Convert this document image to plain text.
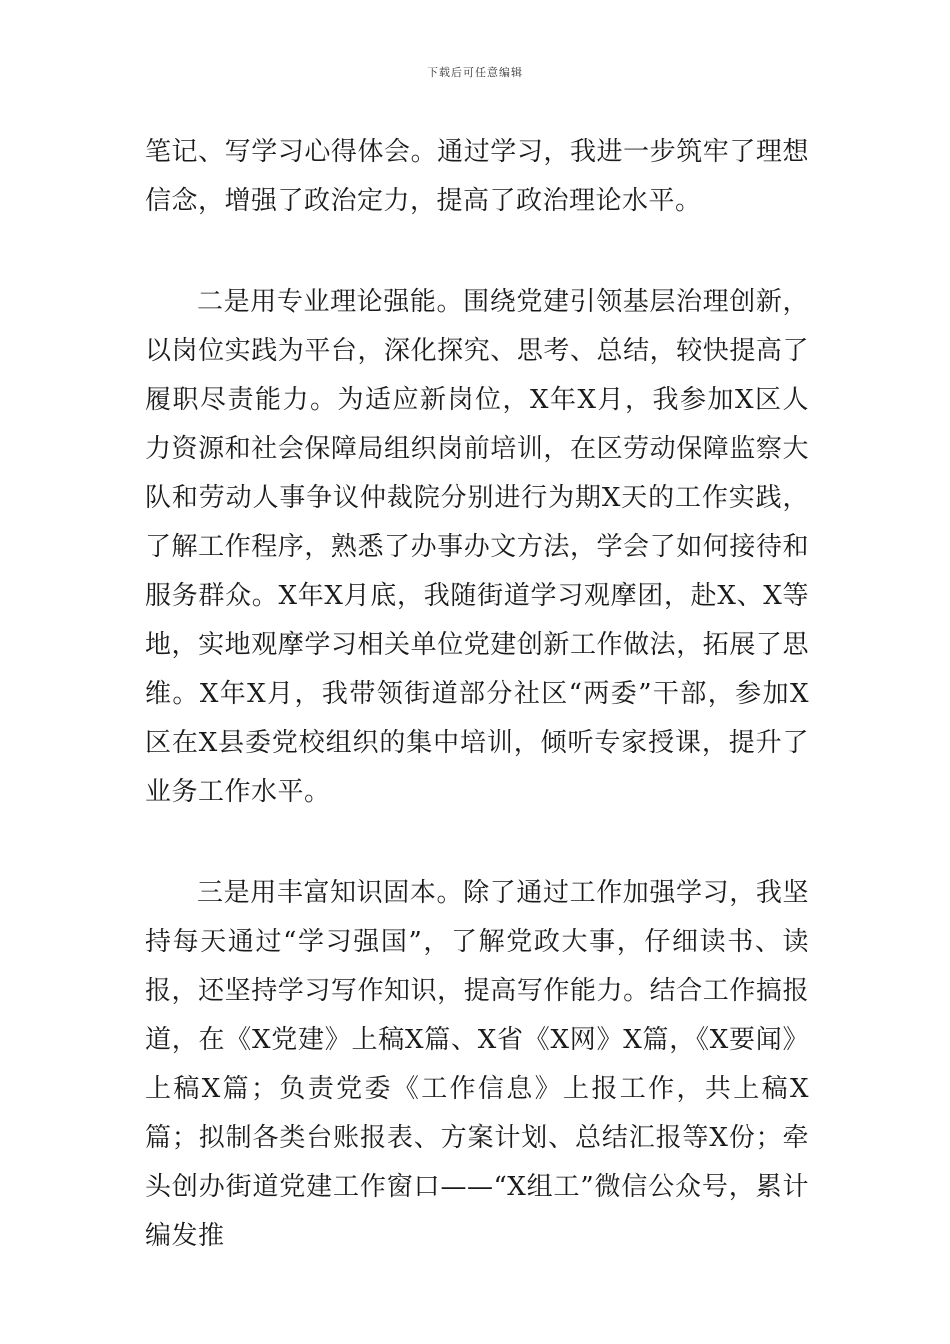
下载后可任意编辑

笔记、写学习心得体会。通过学习，我进一步筑牢了理想信念，增强了政治定力，提高了政治理论水平。

二是用专业理论强能。围绕党建引领基层治理创新，以岗位实践为平台，深化探究、思考、总结，较快提高了履职尽责能力。为适应新岗位，X年X月，我参加X区人力资源和社会保障局组织岗前培训，在区劳动保障监察大队和劳动人事争议仲裁院分别进行为期X天的工作实践，了解工作程序，熟悉了办事办文方法，学会了如何接待和服务群众。X年X月底，我随街道学习观摩团，赴X、X等地，实地观摩学习相关单位党建创新工作做法，拓展了思维。X年X月，我带领街道部分社区“两委”干部，参加X区在X县委党校组织的集中培训，倾听专家授课，提升了业务工作水平。

三是用丰富知识固本。除了通过工作加强学习，我坚持每天通过“学习强国”，了解党政大事，仔细读书、读报，还坚持学习写作知识，提高写作能力。结合工作搞报道，在《X党建》上稿X篇、X省《X网》X篇，《X要闻》上稿X篇；负责党委《工作信息》上报工作，共上稿X篇；拟制各类台账报表、方案计划、总结汇报等X份；牵头创办街道党建工作窗口——“X组工”微信公众号，累计编发推
